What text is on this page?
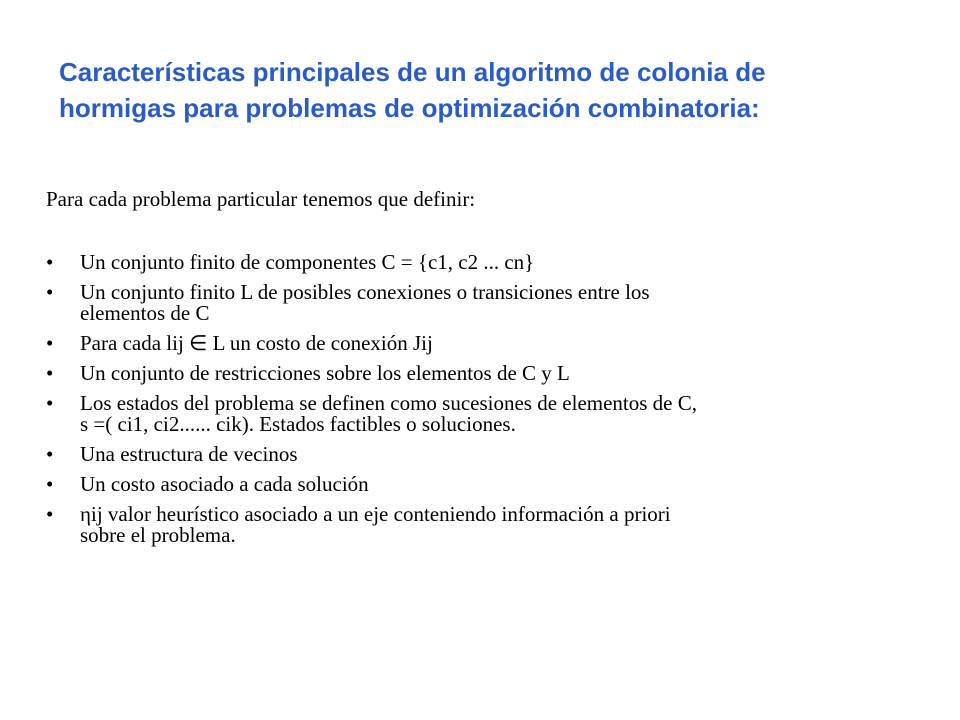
Características principales de un algoritmo de colonia de
hormigas para problemas de optimización combinatoria:
Para cada problema particular tenemos que definir:
• Un conjunto finito de componentes C = {c1, c2 ... cn}
• Un conjunto finito L de posibles conexiones o transiciones entre los
elementos de C
• Para cada lij ∈ L un costo de conexión Jij
• Un conjunto de restricciones sobre los elementos de C y L
• Los estados del problema se definen como sucesiones de elementos de C,
s =( ci1, ci2...... cik). Estados factibles o soluciones.
• Una estructura de vecinos
• Un costo asociado a cada solución
• ηij valor heurístico asociado a un eje conteniendo información a priori
sobre el problema.
